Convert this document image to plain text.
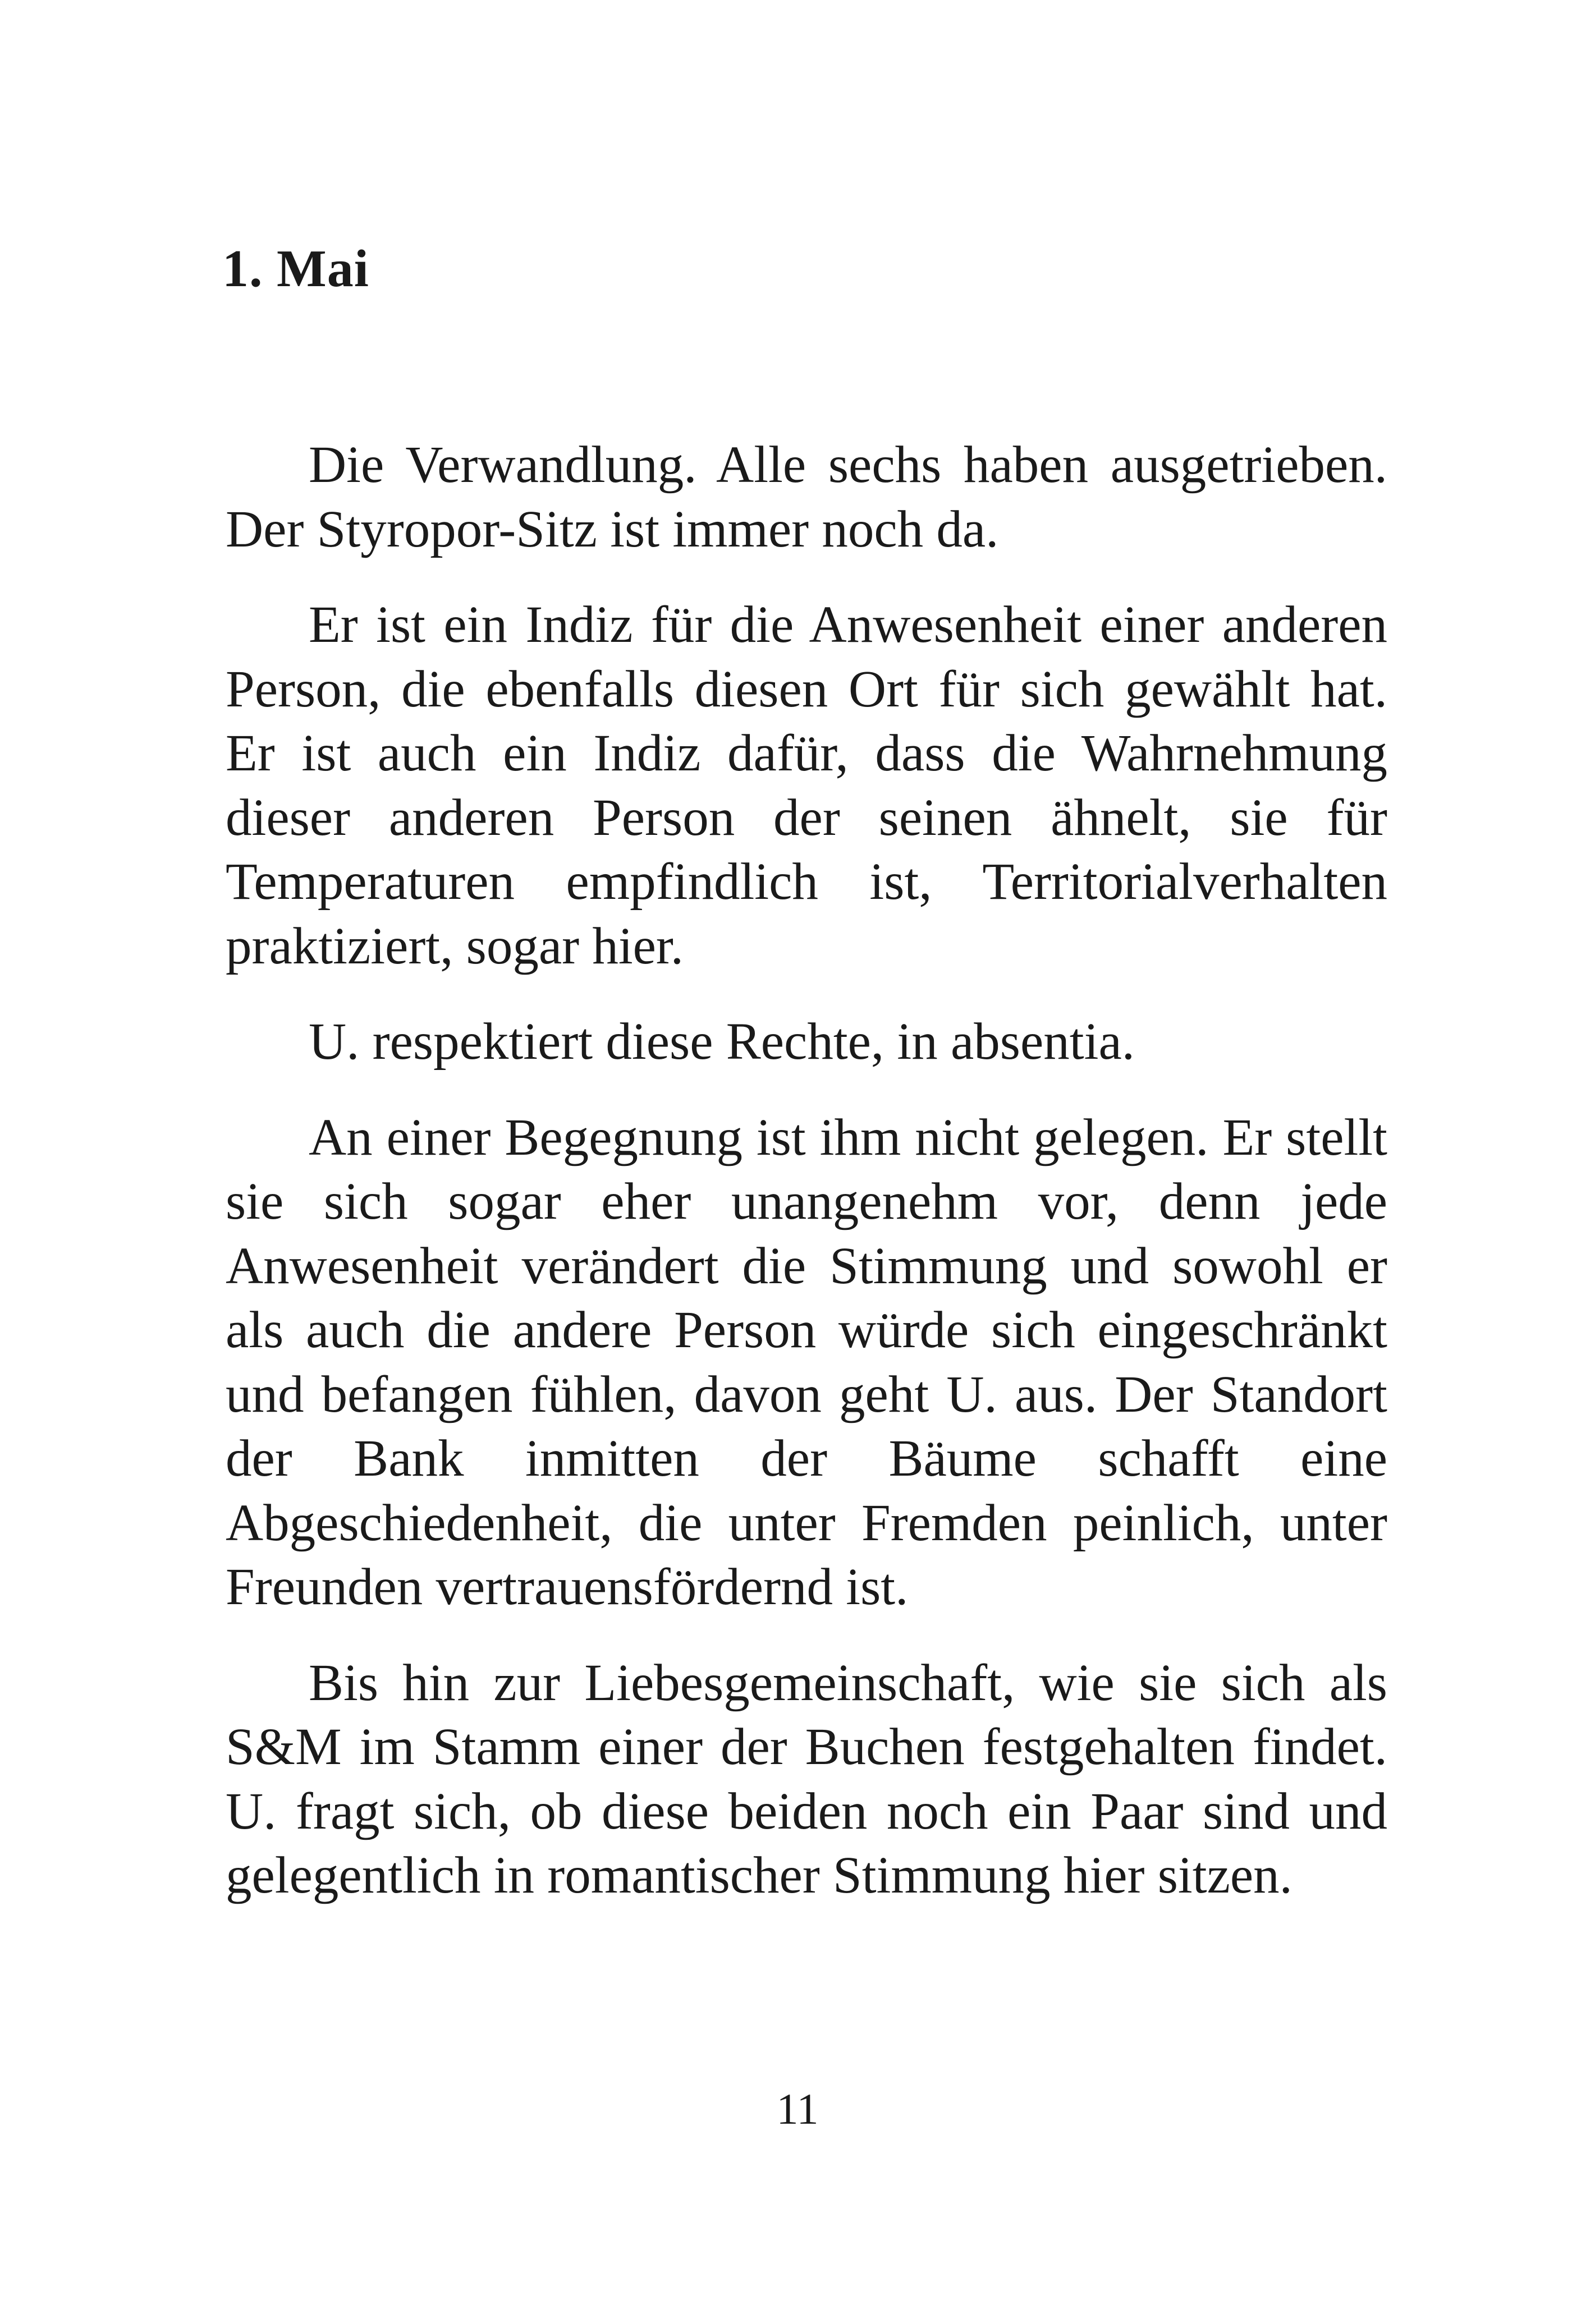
1. Mai

Die Verwandlung. Alle sechs haben ausgetrieben. Der Styropor-Sitz ist immer noch da.

Er ist ein Indiz für die Anwesenheit einer anderen Person, die ebenfalls diesen Ort für sich gewählt hat. Er ist auch ein Indiz dafür, dass die Wahrnehmung dieser anderen Person der seinen ähnelt, sie für Temperaturen empfindlich ist, Territorialverhalten praktiziert, sogar hier.

U. respektiert diese Rechte, in absentia.

An einer Begegnung ist ihm nicht gelegen. Er stellt sie sich sogar eher unangenehm vor, denn jede Anwesenheit verändert die Stimmung und sowohl er als auch die andere Person würde sich eingeschränkt und befangen fühlen, davon geht U. aus. Der Standort der Bank inmitten der Bäume schafft eine Abgeschiedenheit, die unter Fremden peinlich, unter Freunden vertrauensfördernd ist.

Bis hin zur Liebesgemeinschaft, wie sie sich als S&M im Stamm einer der Buchen festgehalten findet. U. fragt sich, ob diese beiden noch ein Paar sind und gelegentlich in romantischer Stimmung hier sitzen.

11
